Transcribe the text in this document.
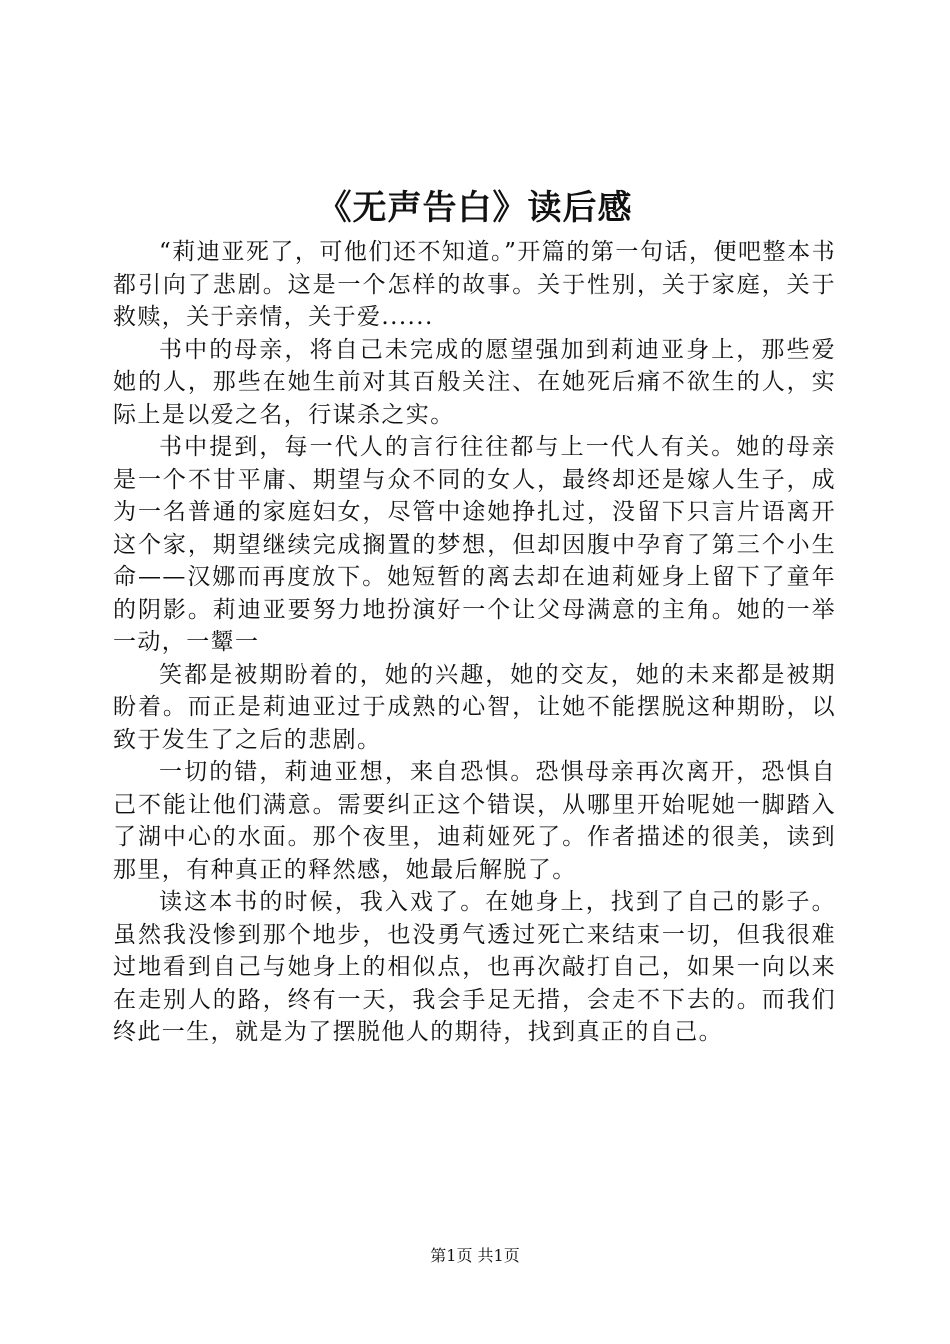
《无声告白》读后感

“莉迪亚死了，可他们还不知道。”开篇的第一句话，便吧整本书都引向了悲剧。这是一个怎样的故事。关于性别，关于家庭，关于救赎，关于亲情，关于爱......

书中的母亲，将自己未完成的愿望强加到莉迪亚身上，那些爱她的人，那些在她生前对其百般关注、在她死后痛不欲生的人，实际上是以爱之名，行谋杀之实。

书中提到，每一代人的言行往往都与上一代人有关。她的母亲是一个不甘平庸、期望与众不同的女人，最终却还是嫁人生子，成为一名普通的家庭妇女，尽管中途她挣扎过，没留下只言片语离开这个家，期望继续完成搁置的梦想，但却因腹中孕育了第三个小生命——汉娜而再度放下。她短暂的离去却在迪莉娅身上留下了童年的阴影。莉迪亚要努力地扮演好一个让父母满意的主角。她的一举一动，一颦一

笑都是被期盼着的，她的兴趣，她的交友，她的未来都是被期盼着。而正是莉迪亚过于成熟的心智，让她不能摆脱这种期盼，以致于发生了之后的悲剧。

一切的错，莉迪亚想，来自恐惧。恐惧母亲再次离开，恐惧自己不能让他们满意。需要纠正这个错误，从哪里开始呢她一脚踏入了湖中心的水面。那个夜里，迪莉娅死了。作者描述的很美，读到那里，有种真正的释然感，她最后解脱了。

读这本书的时候，我入戏了。在她身上，找到了自己的影子。虽然我没惨到那个地步，也没勇气透过死亡来结束一切，但我很难过地看到自己与她身上的相似点，也再次敲打自己，如果一向以来在走别人的路，终有一天，我会手足无措，会走不下去的。而我们终此一生，就是为了摆脱他人的期待，找到真正的自己。

第1页 共1页
